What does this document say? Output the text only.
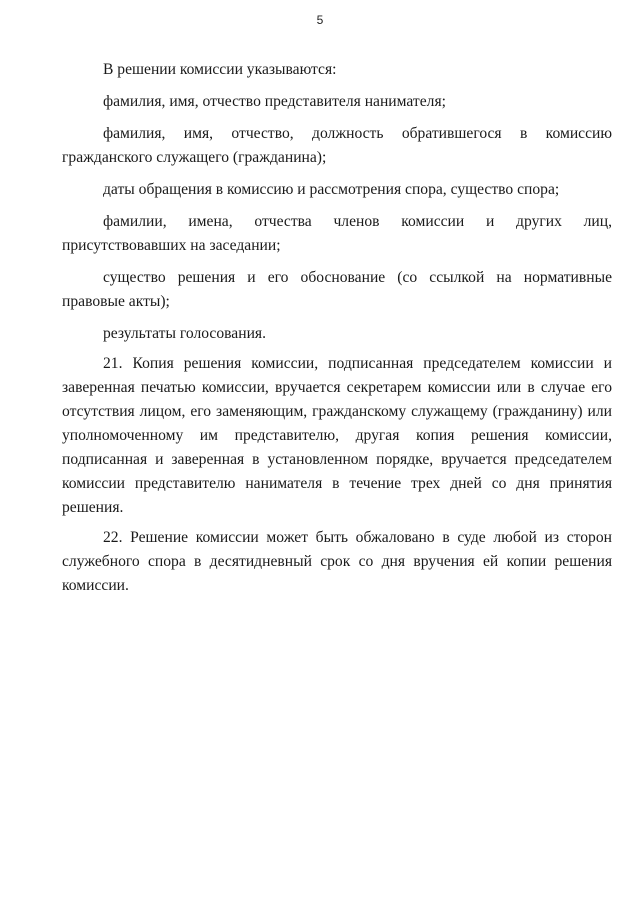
5

В решении комиссии указываются:

фамилия, имя, отчество представителя нанимателя;

фамилия, имя, отчество, должность обратившегося в комиссию гражданского служащего (гражданина);

даты обращения в комиссию и рассмотрения спора, существо спора;

фамилии, имена, отчества членов комиссии и других лиц, присутствовавших на заседании;

существо решения и его обоснование (со ссылкой на нормативные правовые акты);

результаты голосования.

21. Копия решения комиссии, подписанная председателем комиссии и заверенная печатью комиссии, вручается секретарем комиссии или в случае его отсутствия лицом, его заменяющим, гражданскому служащему (гражданину) или уполномоченному им представителю, другая копия решения комиссии, подписанная и заверенная в установленном порядке, вручается председателем комиссии представителю нанимателя в течение трех дней со дня принятия решения.

22. Решение комиссии может быть обжаловано в суде любой из сторон служебного спора в десятидневный срок со дня вручения ей копии решения комиссии.
